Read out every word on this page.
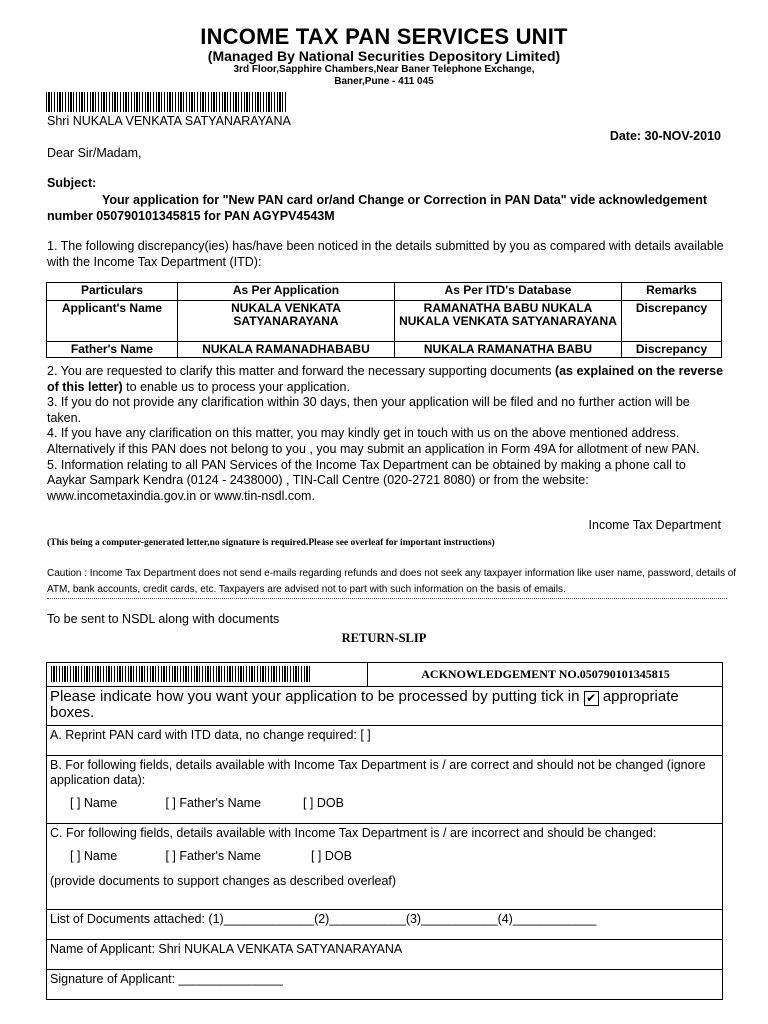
INCOME TAX PAN SERVICES UNIT
(Managed By National Securities Depository Limited)
3rd Floor,Sapphire Chambers,Near Baner Telephone Exchange,
Baner,Pune - 411 045
Shri NUKALA VENKATA SATYANARAYANA
Date: 30-NOV-2010
Dear Sir/Madam,
Subject:
Your application for "New PAN card or/and Change or Correction in PAN Data" vide acknowledgement number 050790101345815 for PAN AGYPV4543M
1. The following discrepancy(ies) has/have been noticed in the details submitted by you as compared with details available with the Income Tax Department (ITD):
Particulars	As Per Application	As Per ITD's Database	Remarks
Applicant's Name	NUKALA VENKATA SATYANARAYANA	RAMANATHA BABU NUKALA NUKALA VENKATA SATYANARAYANA	Discrepancy
Father's Name	NUKALA RAMANADHABABU	NUKALA RAMANATHA BABU	Discrepancy

2. You are requested to clarify this matter and forward the necessary supporting documents (as explained on the reverse of this letter) to enable us to process your application.

3. If you do not provide any clarification within 30 days, then your application will be filed and no further action will be taken.

4. If you have any clarification on this matter, you may kindly get in touch with us on the above mentioned address. Alternatively if this PAN does not belong to you , you may submit an application in Form 49A for allotment of new PAN.

5. Information relating to all PAN Services of the Income Tax Department can be obtained by making a phone call to Aaykar Sampark Kendra (0124 - 2438000) , TIN-Call Centre (020-2721 8080) or from the website: www.incometaxindia.gov.in or www.tin-nsdl.com.

Income Tax Department
(This being a computer-generated letter,no signature is required.Please see overleaf for important instructions)
Caution : Income Tax Department does not send e-mails regarding refunds and does not seek any taxpayer information like user name, password, details of ATM, bank accounts, credit cards, etc. Taxpayers are advised not to part with such information on the basis of emails.
To be sent to NSDL along with documents
RETURN-SLIP
ACKNOWLEDGEMENT NO.050790101345815
Please indicate how you want your application to be processed by putting tick in ✔ appropriate boxes.
A. Reprint PAN card with ITD data, no change required: [ ]
B. For following fields, details available with Income Tax Department is / are correct and should not be changed (ignore application data):
[ ] Name	[ ] Father's Name	[ ] DOB
C. For following fields, details available with Income Tax Department is / are incorrect and should be changed:
[ ] Name	[ ] Father's Name	[ ] DOB
(provide documents to support changes as described overleaf)
List of Documents attached: (1)_____________(2)___________(3)___________(4)____________
Name of Applicant: Shri NUKALA VENKATA SATYANARAYANA
Signature of Applicant: _______________
